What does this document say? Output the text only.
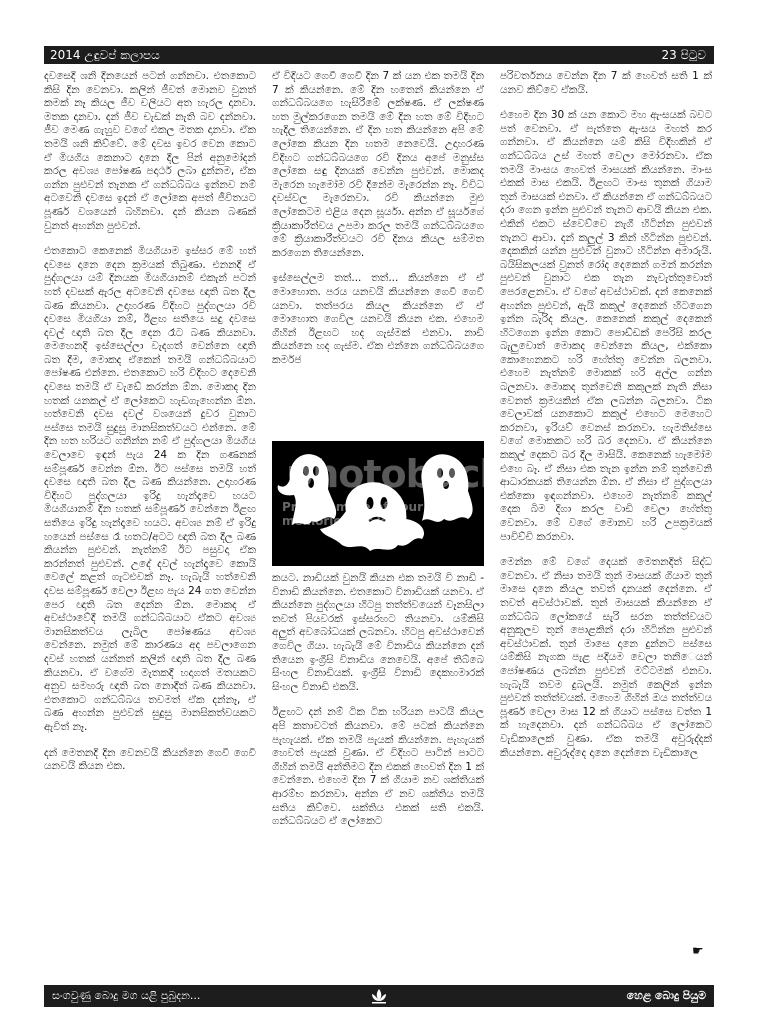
2014 උඳුවප් කලාපය	23 පිටුව

දවසෙදි ශනි දිනයෙන් පටන් ගන්නවා. එතකොට කිසි දින වෙනවා. කලින් ජීවත් මොනව වුනත් කමක් නෑ කියල ජීව චලියට අත හැරල දානවා. මතක දානවා. දන් ජීව චැඩක් නැති බව දන්නවා. ජීව මෙණ ගැහුව වගේ එකල මතක දානවා. ඒක තමයි ශනි කිව්වේ. මේ දවස ඉවර වෙන කොට ඒ මියගිය කෙනාට දානෙ දීල පින් අනුමෝදන් කරල අවශ්‍ය පෝෂණ පදාර්ථ ලබා දුන්නම, ඒක ගන්න පුළුවන් තැනක ඒ ගන්ධබ්බය ඉන්නව නම් අටවෙනි දවසෙ ඉදන් ඒ ලෝකෙ අපත් ජීවිතයට පූර්ණ වශයෙන් බහිනවා. දන් කියන බණක් වුනත් අහන්න පුළුවන්.

එතකොට කෙනෙක් මියගියාම ඉස්සර මේ හත් දවසෙ දානෙ දෙන ක්‍රමයක් තිබුණා. එනනදි ඒ පුද්ගලයා යම් දිනයක මියගියානම් එකැන් පටන් හත් දවසක් ඇරල අටවෙනි දවසෙ ඥාති බත දීල බණ කියනවා. උදාහරණ විදිහට පුද්ගලයා රවි දවසෙ මියගියා නම්, ඊළඟ සතියෙ සදු දවසෙ දවල් ඥාති බත දීල දෙන රෑට බණ කියනවා. මෙහෙනදි ඉස්සෙල්ලා වැදගත් වෙන්නෙ ඥාති බත දීම, මොකද ඒකෙන් තමයි ගන්ධබ්බයාට පෝෂණ එන්නෙ. එතකොට හරි විදිහට දෙවෙනි දවසෙ තමයි ඒ වැඩේ කරන්න ඕන. මොකද දින හතක් යනකල් ඒ ලෝකෙට හැඩගැහෙන්න ඕන. හත්වෙනි දවස දවල් වශයෙන් දුවර වුනාට පස්සෙ තමයි සුදුසු මානසිකත්වයට එන්නෙ. මේ දින හත හරියට ගනින්න නම් ඒ පුද්ගලයා මියගිය වෙලාවෙ ඉඳන් පැය 24 ක දින ගණනක් සම්පූර්ණ වෙන්න ඕන. ඊට පස්සෙ තමයි හත් දවසෙ ඥාති බත දීල බණ කියන්නෙ. උදාහරණ විදිහට පුද්ගලයා ඉරිදු හැන්දෑවෙ හයට මියගියානම් දින හතක් සම්පූර්ණ වෙන්නෙ ඊළඟ සතියෙ ඉරිදු හැන්දෑවෙ හයට. අවශ්‍ය නම් ඒ ඉරිදු හයෙන් පස්සෙ රෑ හතට/අටට ඥාති බත දීල බණ කියන්න පුළුවන්. නැත්නම් ඊට පසුවදා ඒක කරන්නත් පුළුවන්. උදේ දවල් හැන්දෑවෙ කොයි වෙලේ කළත් ගැටළුවක් නෑ. හැබැයි හත්වෙනි දවස සම්පූර්ණ වෙලා ඊළඟ පැය 24 ගත වෙන්න පෙර ඥාති බත දෙන්න ඕන. මොකද ඒ අවස්ථාවේදී තමයි ගන්ධබ්බයාට ඒකට අවශ්‍ය මානසිකත්වය ලැබිල පෝෂණය අවශ්‍ය වෙන්නෙ. නමුත් මේ කාරණය අද පවලාගෙන දවස් හතක් යන්නත් කලින් ඥාති බත දීල බණ කියනවා. ඒ වගේම මැතකදී හදාගත් මතයකට අනුව සමහරු ඥාති බත නොදීත් බණ කියනවා. එතකොට ගන්ධබ්බය තවමත් ඒක දන්නෑ, ඒ බණ අහන්න පුළුවන් සුදුසු මානසිකත්වයකට ඇවිත් නෑ.

දන් මෙතනදි දින වෙනවයි කියන්නෙ ගෙවී ගෙවී යනවයි කියන එක.

ඒ විදියට ගෙවී ගෙවී දින 7 ක් යන එක තමයි දින 7 ක් කියන්නෙ. මේ දින හතෙන් කියන්නෙ ඒ ගන්ධබ්බයගෙ හැසිරීමේ ලක්ෂණ. ඒ ලක්ෂණ හත මුල්කරගෙන තමයි මේ දින හත මේ විදිහට හැදිල තියෙන්නෙ. ඒ දින හත කියන්නෙ අපි මේ ලෝකෙ කියන දින හතම නෙවෙයි. උදාහරණ විදිහට ගන්ධබ්බයගෙ රවි දිනය අපේ මනුස්ස ලෝකෙ සඳු දිනයක් වෙන්න පුළුවන්. මොකද මැරෙන හැමෝම රවි දිනේම මැරෙන්න නෑ. විවිධ දවස්වල මැරෙනවා. රවි කියන්නෙ මුළු ලෝකෙටම එළිය දෙන සූර්යා. අන්න ඒ සූර්යගේ ක්‍රියාකාරීත්වය උපමා කරල තමයි ගන්ධබ්බයගෙ මේ ක්‍රියාකාරීත්වයට රවි දිනය කියල සම්මත කරගෙන තියෙන්නෙ.

ඉස්සෙල්ලම තත්... තත්... කියන්නෙ ඒ ඒ මොහොත. පරය යනවයි කියන්නෙ ගෙවී ගෙවී යනවා. තත්පරය කියල කියන්නෙ ඒ ඒ මොහොත ගෙවිල යනවයි කියන එක. එහෙම ගිහින් ඊළඟට හද ගැස්මක් එනවා. නාඩි කියන්නෙ හද ගැස්ම. ඒක එන්නෙ ගන්ධබ්බයගෙ කර්මජ

කයට. නාඩියක් වුනයි කියන එක තමයි වි නාඩි - විනාඩි කියන්නෙ. එතකොට විනාඩියක් යනවා. ඒ කියන්නෙ පුද්ගලයා හිටපු තත්ත්වයෙන් වෑනසිලා තවත් පියවරක් ඉස්සරහට තියනවා. යම්කිසි අලුත් අවබෝධයක් ලබනවා. හිටපු අවස්ථාවෙන් ගෙවිල ගියා. හැබැයි මේ විනාඩිය කියන්නෙ දන් තියෙන ඉංග්‍රීසි විනාඩිය නෙවෙයි. අපේ තිබ්බෙ සිංහල විනාඩියක්. ඉංග්‍රීසි විනාඩි දෙකහමාරක් සිංහල විනාඩි එකයි.

ඊළඟට දන් නම් ටික ටික හරියන පාටයි කියල අපි කතාවටත් කියනවා. මේ පටක් කියන්නෙ පැහැයක්. ඒක තමයි පැයක් කියන්නෙ. පැහැයක් හෙවත් පැයක් වුණා. ඒ විදිහට පාටින් පාටට ගිහින් තමයි අන්තිමට දින එකක් හෙවත් දින 1 ක් වෙන්නෙ. එහෙම දින 7 ක් ගියාම නව ශක්තියක් ආරම්භ කරනවා. අන්න ඒ නව ශක්තිය තමයි සතිය කිව්වෙ. සක්තිය එකක් සති එකයි. ගන්ධබ්බයට ඒ ලෝකෙට

photobucket
Protect more of your memories for less!

පරිවර්තනය වෙන්න දින 7 ක් හෙවත් සති 1 ක් යනව කිව්වෙ ඒකයි.

එහෙම දින 30 ක් යන කොට මහ ඇංසයක් බවට පත් වෙනවා. ඒ පැත්තෙ ඇංසය මහත් කර ගන්නවා. ඒ කියන්නෙ යම් කිසි විදිහකින් ඒ ගන්ධබ්බය උස් මහත් වෙලා මෝරනවා. ඒක තමයි මාංසය හෙවත් මාසයක් කියන්නෙ. මාංස එකක් මාස එකයි. ඊළඟට මාංස තුනක් ගියාම තුන් මාසයක් එනවා. ඒ කියන්නෙ ඒ ගන්ධබ්බයට දරා ගෙන ඉන්න පුළුවන් තැනට ආවයි කියන එක. එකින් එකට ස්වෙව්වෙ නැගී හිටින්න පුළුවන් තැනට ආවා. දන් කලුල් 3 කින් හිටින්න පුළුවන්. දෙකකින් යන්න පුළුවන් වුනාට හිටින්න අමාරුයි. බයිසිකලයක් වුනත් රෝද දෙකෙන් ගමන් කරන්න පුළුවන් වුනාට එක තැන නැවැත්තුවොත් පෙරළෙනවා. ඒ වගේ අවස්ථාවක්. දන් කෙනෙක් අහන්න පුළුවන්, ඇයි කකුල් දෙකෙන් හිටගෙන ඉන්න බැරිද කියල. කෙනෙක් කකුල් දෙකෙන් හිටගෙන ඉන්න කොට පොඩ්ඩක් පෙරිසි කරල බැලුවොත් මොකද වෙන්නෙ කියල, එක්කො කොහෙනකට හරි හේත්තු වෙන්න බලනවා. එහෙම නැත්නම් මොකක් හරි අල්ල ගන්න බලනවා. මොකද තුන්වෙනි කකුලක් නැති නිසා වෙනත් ක්‍රමයකින් ඒක ලබන්න බලනවා. ටික වෙලාවක් යනකොට කකුල් එහෙට මෙහෙට කරනවා, ඉරියව් වෙනස් කරනවා. හැමතිස්සෙ වගේ මොකකට හරි බර දෙනවා. ඒ කියන්නෙ කකුල් දෙකට බර දීල මාසියි. කෙනෙක් හැමෝම එහෙ බෑ. ඒ නිසා එක තැන ඉන්න නම් තුන්වෙනි ආධාරකයක් තියෙන්න ඕන. ඒ නිසා ඒ පුද්ගලයා එක්කො ඉඳගන්නවා. එහෙම නැත්නම් කකුල් දෙක බිම දිගා කරල වාඩි වෙලා හේත්තු වෙනවා. මේ වගේ මොනව හරි උපක්‍රමයක් පාවිච්චි කරනවා.

මෙන්න මේ වගේ දෙයක් මෙතනදිත් සිද්ධ වෙනවා. ඒ නිසා තමයි තුන් මාසයක් ගියාම තුන් මාසෙ දානෙ කියල තවත් දානයක් දෙන්නෙ. ඒ තවත් අවස්ථාවක්. තුන් මාසයක් කියන්නෙ ඒ ගන්ධබ්බ ලෝකයේ සැරි සරන තත්ත්වයට අනුකූලව තුන් පොළකින් දරා හිටින්න පුළුවන් අවස්ථාවක්. තුන් මාසෙ දානෙ දුන්නට පස්සෙ යම්කිසි නැගක පැළ පදියම වෙලා තනිෙයන් පෝෂණය ලබන්න පුළුවන් මට්ටමක් එනවා. හැබැයි තවම දුබලයි. නමුත් කෙලින් ඉන්න පුළුවන් තත්ත්වයක්. මහෙම ගිහින් ඔය තත්ත්වය පූර්ණ වෙලා මාස 12 ක් ගියාට පස්සෙ වත්ත 1 ක් හැදෙනවා. දන් ගන්ධබ්බය ඒ ලෝකෙට වැඩිකාලෙක් වුණා. ඒක තමයි අවුරුද්දක් කියන්නෙ. අවුරුද්දෙ දානෙ දෙන්නෙ වැඩිකාලෙ

☛
සංගවුණු බොදු මග යළි පුබුදන...	හෙළ බොදු පියුම
